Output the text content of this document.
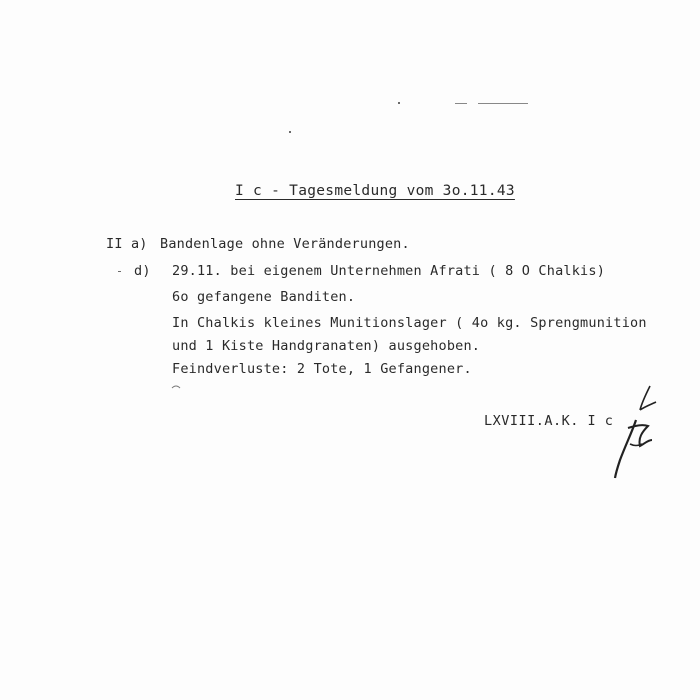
I c - Tagesmeldung vom 3o.11.43
II a) Bandenlage ohne Veränderungen.
d) 29.11. bei eigenem Unternehmen Afrati ( 8 O Chalkis)
6o gefangene Banditen.
In Chalkis kleines Munitionslager ( 4o kg. Sprengmunition
und 1 Kiste Handgranaten) ausgehoben.
Feindverluste: 2 Tote, 1 Gefangener.
LXVIII.A.K. I c
